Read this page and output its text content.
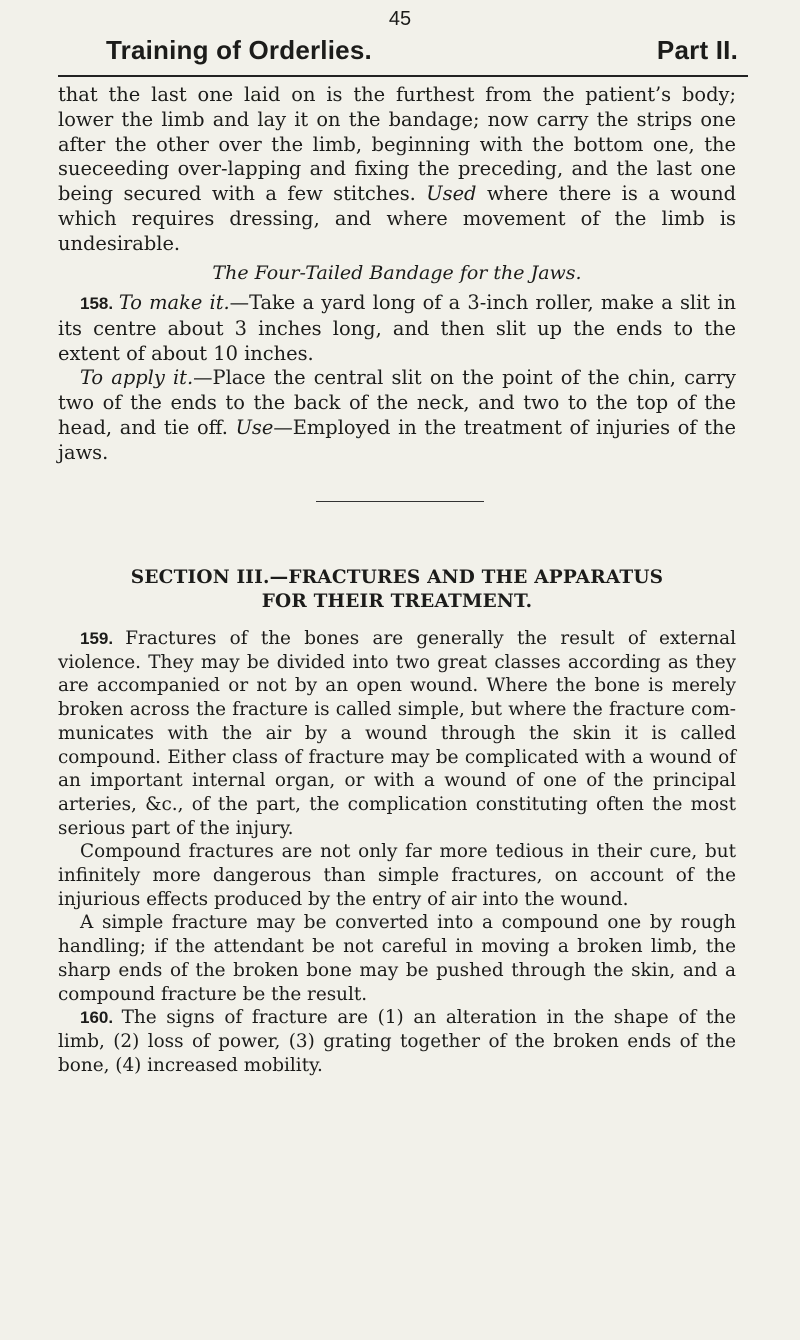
45
Training of Orderlies.	Part II.

that the last one laid on is the furthest from the patient’s body; lower the limb and lay it on the bandage; now carry the strips one after the other over the limb, beginning with the bottom one, the sueceeding over-lapping and fixing the preceding, and the last one being secured with a few stitches. Used where there is a wound which requires dressing, and where movement of the limb is undesirable.

The Four-Tailed Bandage for the Jaws.

158. To make it.—Take a yard long of a 3-inch roller, make a slit in its centre about 3 inches long, and then slit up the ends to the extent of about 10 inches.

To apply it.—Place the central slit on the point of the chin, carry two of the ends to the back of the neck, and two to the top of the head, and tie off. Use—Employed in the treatment of injuries of the jaws.

SECTION III.—FRACTURES AND THE APPARATUS
FOR THEIR TREATMENT.

159. Fractures of the bones are generally the result of external violence. They may be divided into two great classes according as they are accompanied or not by an open wound. Where the bone is merely broken across the fracture is called simple, but where the fracture com-municates with the air by a wound through the skin it is called compound. Either class of fracture may be complicated with a wound of an important internal organ, or with a wound of one of the principal arteries, &c., of the part, the complication constituting often the most serious part of the injury.

Compound fractures are not only far more tedious in their cure, but infinitely more dangerous than simple fractures, on account of the injurious effects produced by the entry of air into the wound.

A simple fracture may be converted into a compound one by rough handling; if the attendant be not careful in moving a broken limb, the sharp ends of the broken bone may be pushed through the skin, and a compound fracture be the result.

160. The signs of fracture are (1) an alteration in the shape of the limb, (2) loss of power, (3) grating together of the broken ends of the bone, (4) increased mobility.
